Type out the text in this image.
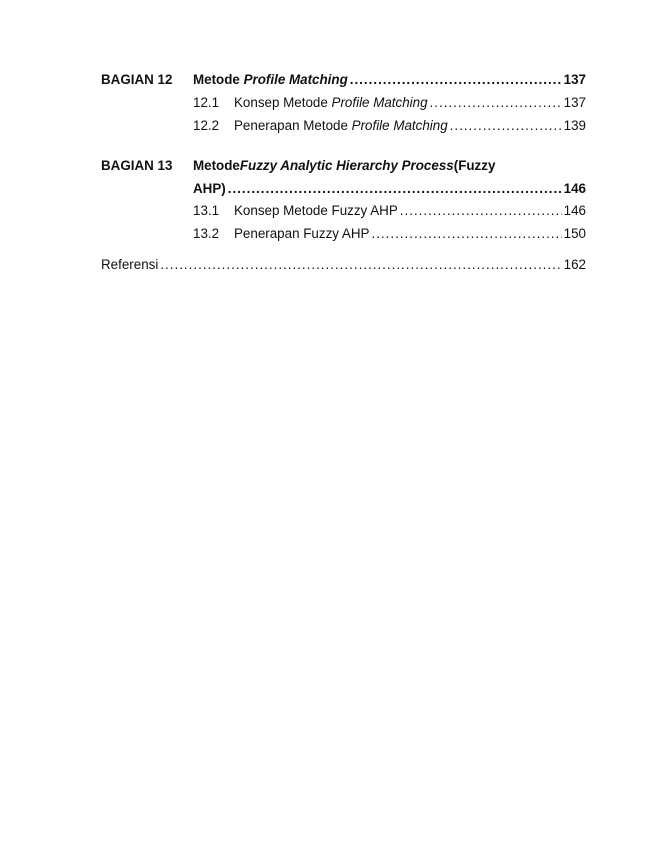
BAGIAN 12 Metode Profile Matching .....	137
12.1	Konsep Metode Profile Matching .....	137
12.2	Penerapan Metode Profile Matching .....	139
BAGIAN 13 Metode Fuzzy Analytic Hierarchy Process (Fuzzy
AHP) .....	146
13.1	Konsep Metode Fuzzy AHP .....	146
13.2	Penerapan Fuzzy AHP .....	150
Referensi .....	162
